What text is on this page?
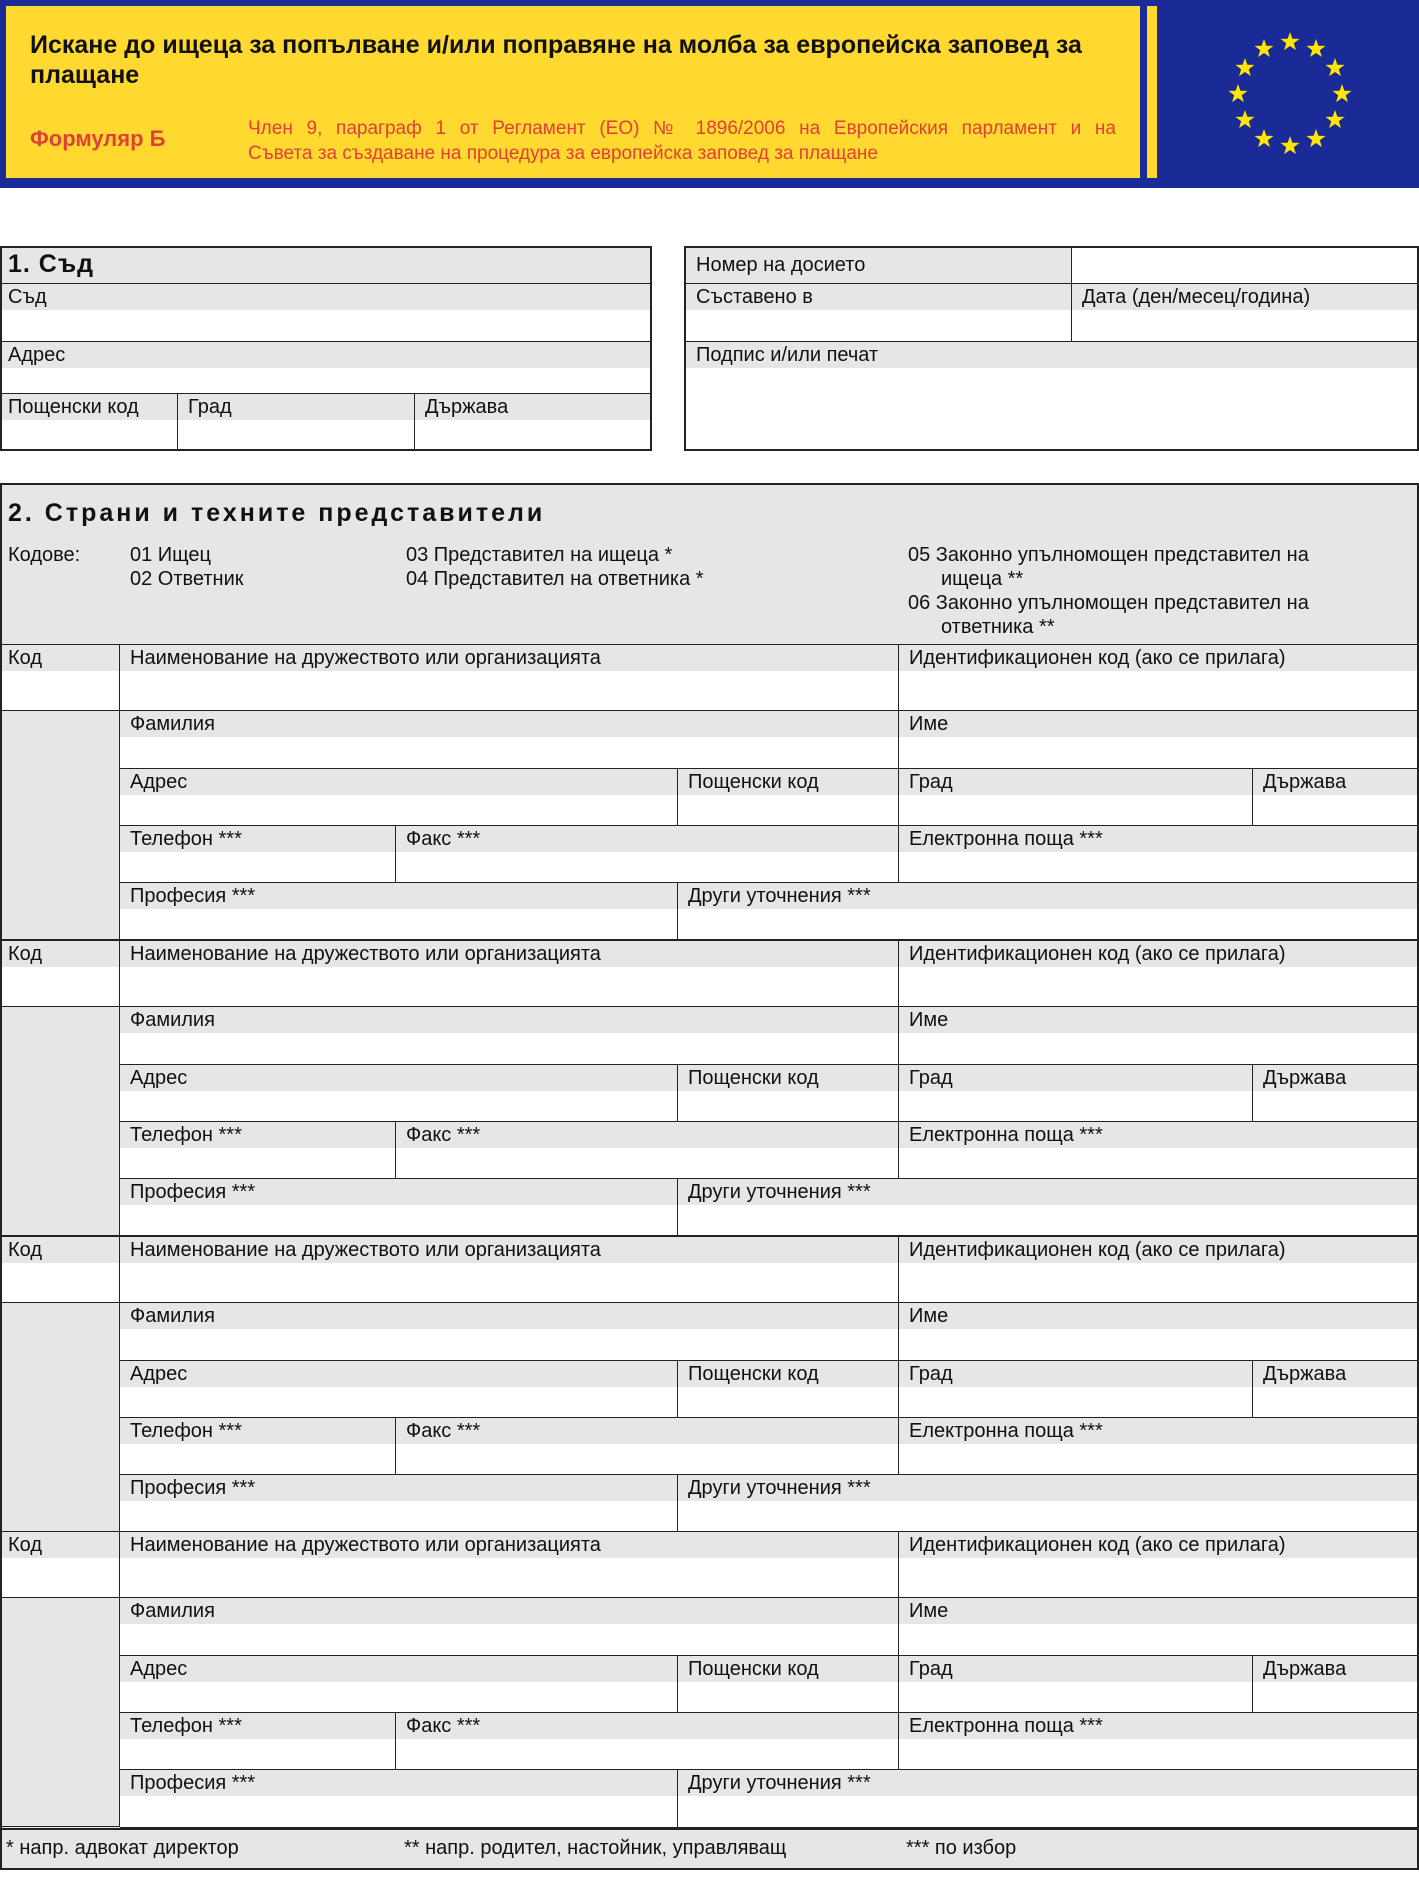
Искане до ищеца за попълване и/или поправяне на молба за европейска заповед за плащане
Формуляр Б	Член 9, параграф 1 от Регламент (ЕО) № 1896/2006 на Европейския парламент и на
Съвета за създаване на процедура за европейска заповед за плащане
1. Съд
Съд
Адрес
Пощенски код	Град	Държава
Номер на досието
Съставено в	Дата (ден/месец/година)
Подпис и/или печат
2. Страни и техните представители
Кодове: 01 Ищец
02 Ответник
03 Представител на ищеца *
04 Представител на ответника *
05 Законно упълномощен представител на
ищеца **
06 Законно упълномощен представител на
ответника **
Код	Наименование на дружеството или организацията	Идентификационен код (ако се прилага)
Фамилия	Име
Адрес	Пощенски код	Град	Държава
Телефон ***	Факс ***	Електронна поща ***
Професия ***	Други уточнения ***
Код	Наименование на дружеството или организацията	Идентификационен код (ако се прилага)
Фамилия	Име
Адрес	Пощенски код	Град	Държава
Телефон ***	Факс ***	Електронна поща ***
Професия ***	Други уточнения ***
Код	Наименование на дружеството или организацията	Идентификационен код (ако се прилага)
Фамилия	Име
Адрес	Пощенски код	Град	Държава
Телефон ***	Факс ***	Електронна поща ***
Професия ***	Други уточнения ***
Код	Наименование на дружеството или организацията	Идентификационен код (ако се прилага)
Фамилия	Име
Адрес	Пощенски код	Град	Държава
Телефон ***	Факс ***	Електронна поща ***
Професия ***	Други уточнения ***
* напр. адвокат директор	** напр. родител, настойник, управляващ	*** по избор
